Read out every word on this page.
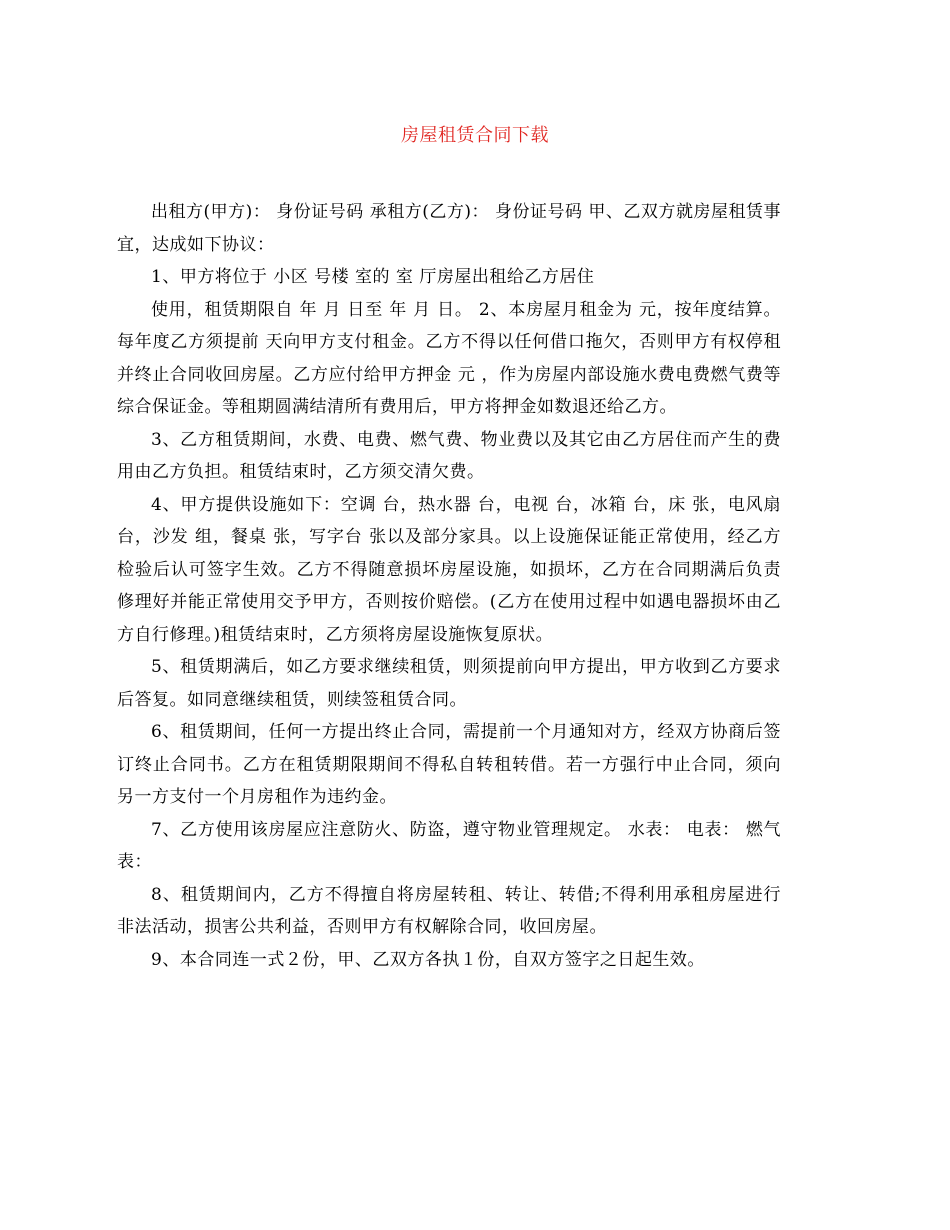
房屋租赁合同下载

出租方(甲方)： 身份证号码 承租方(乙方)： 身份证号码 甲、乙双方就房屋租赁事宜，达成如下协议：

1、甲方将位于 小区 号楼 室的 室 厅房屋出租给乙方居住

使用，租赁期限自 年 月 日至 年 月 日。 2、本房屋月租金为 元，按年度结算。每年度乙方须提前 天向甲方支付租金。乙方不得以任何借口拖欠，否则甲方有权停租并终止合同收回房屋。乙方应付给甲方押金 元 ，作为房屋内部设施水费电费燃气费等综合保证金。等租期圆满结清所有费用后，甲方将押金如数退还给乙方。

3、乙方租赁期间，水费、电费、燃气费、物业费以及其它由乙方居住而产生的费用由乙方负担。租赁结束时，乙方须交清欠费。

4、甲方提供设施如下：空调 台，热水器 台，电视 台，冰箱 台，床 张，电风扇 台，沙发 组，餐桌 张，写字台 张以及部分家具。以上设施保证能正常使用，经乙方检验后认可签字生效。乙方不得随意损坏房屋设施，如损坏，乙方在合同期满后负责修理好并能正常使用交予甲方，否则按价赔偿。(乙方在使用过程中如遇电器损坏由乙方自行修理。)租赁结束时，乙方须将房屋设施恢复原状。

5、租赁期满后，如乙方要求继续租赁，则须提前向甲方提出，甲方收到乙方要求后答复。如同意继续租赁，则续签租赁合同。

6、租赁期间，任何一方提出终止合同，需提前一个月通知对方，经双方协商后签订终止合同书。乙方在租赁期限期间不得私自转租转借。若一方强行中止合同，须向另一方支付一个月房租作为违约金。

7、乙方使用该房屋应注意防火、防盗，遵守物业管理规定。 水表： 电表： 燃气表：

8、租赁期间内，乙方不得擅自将房屋转租、转让、转借;不得利用承租房屋进行非法活动，损害公共利益，否则甲方有权解除合同，收回房屋。

9、本合同连一式２份，甲、乙双方各执１份，自双方签字之日起生效。
